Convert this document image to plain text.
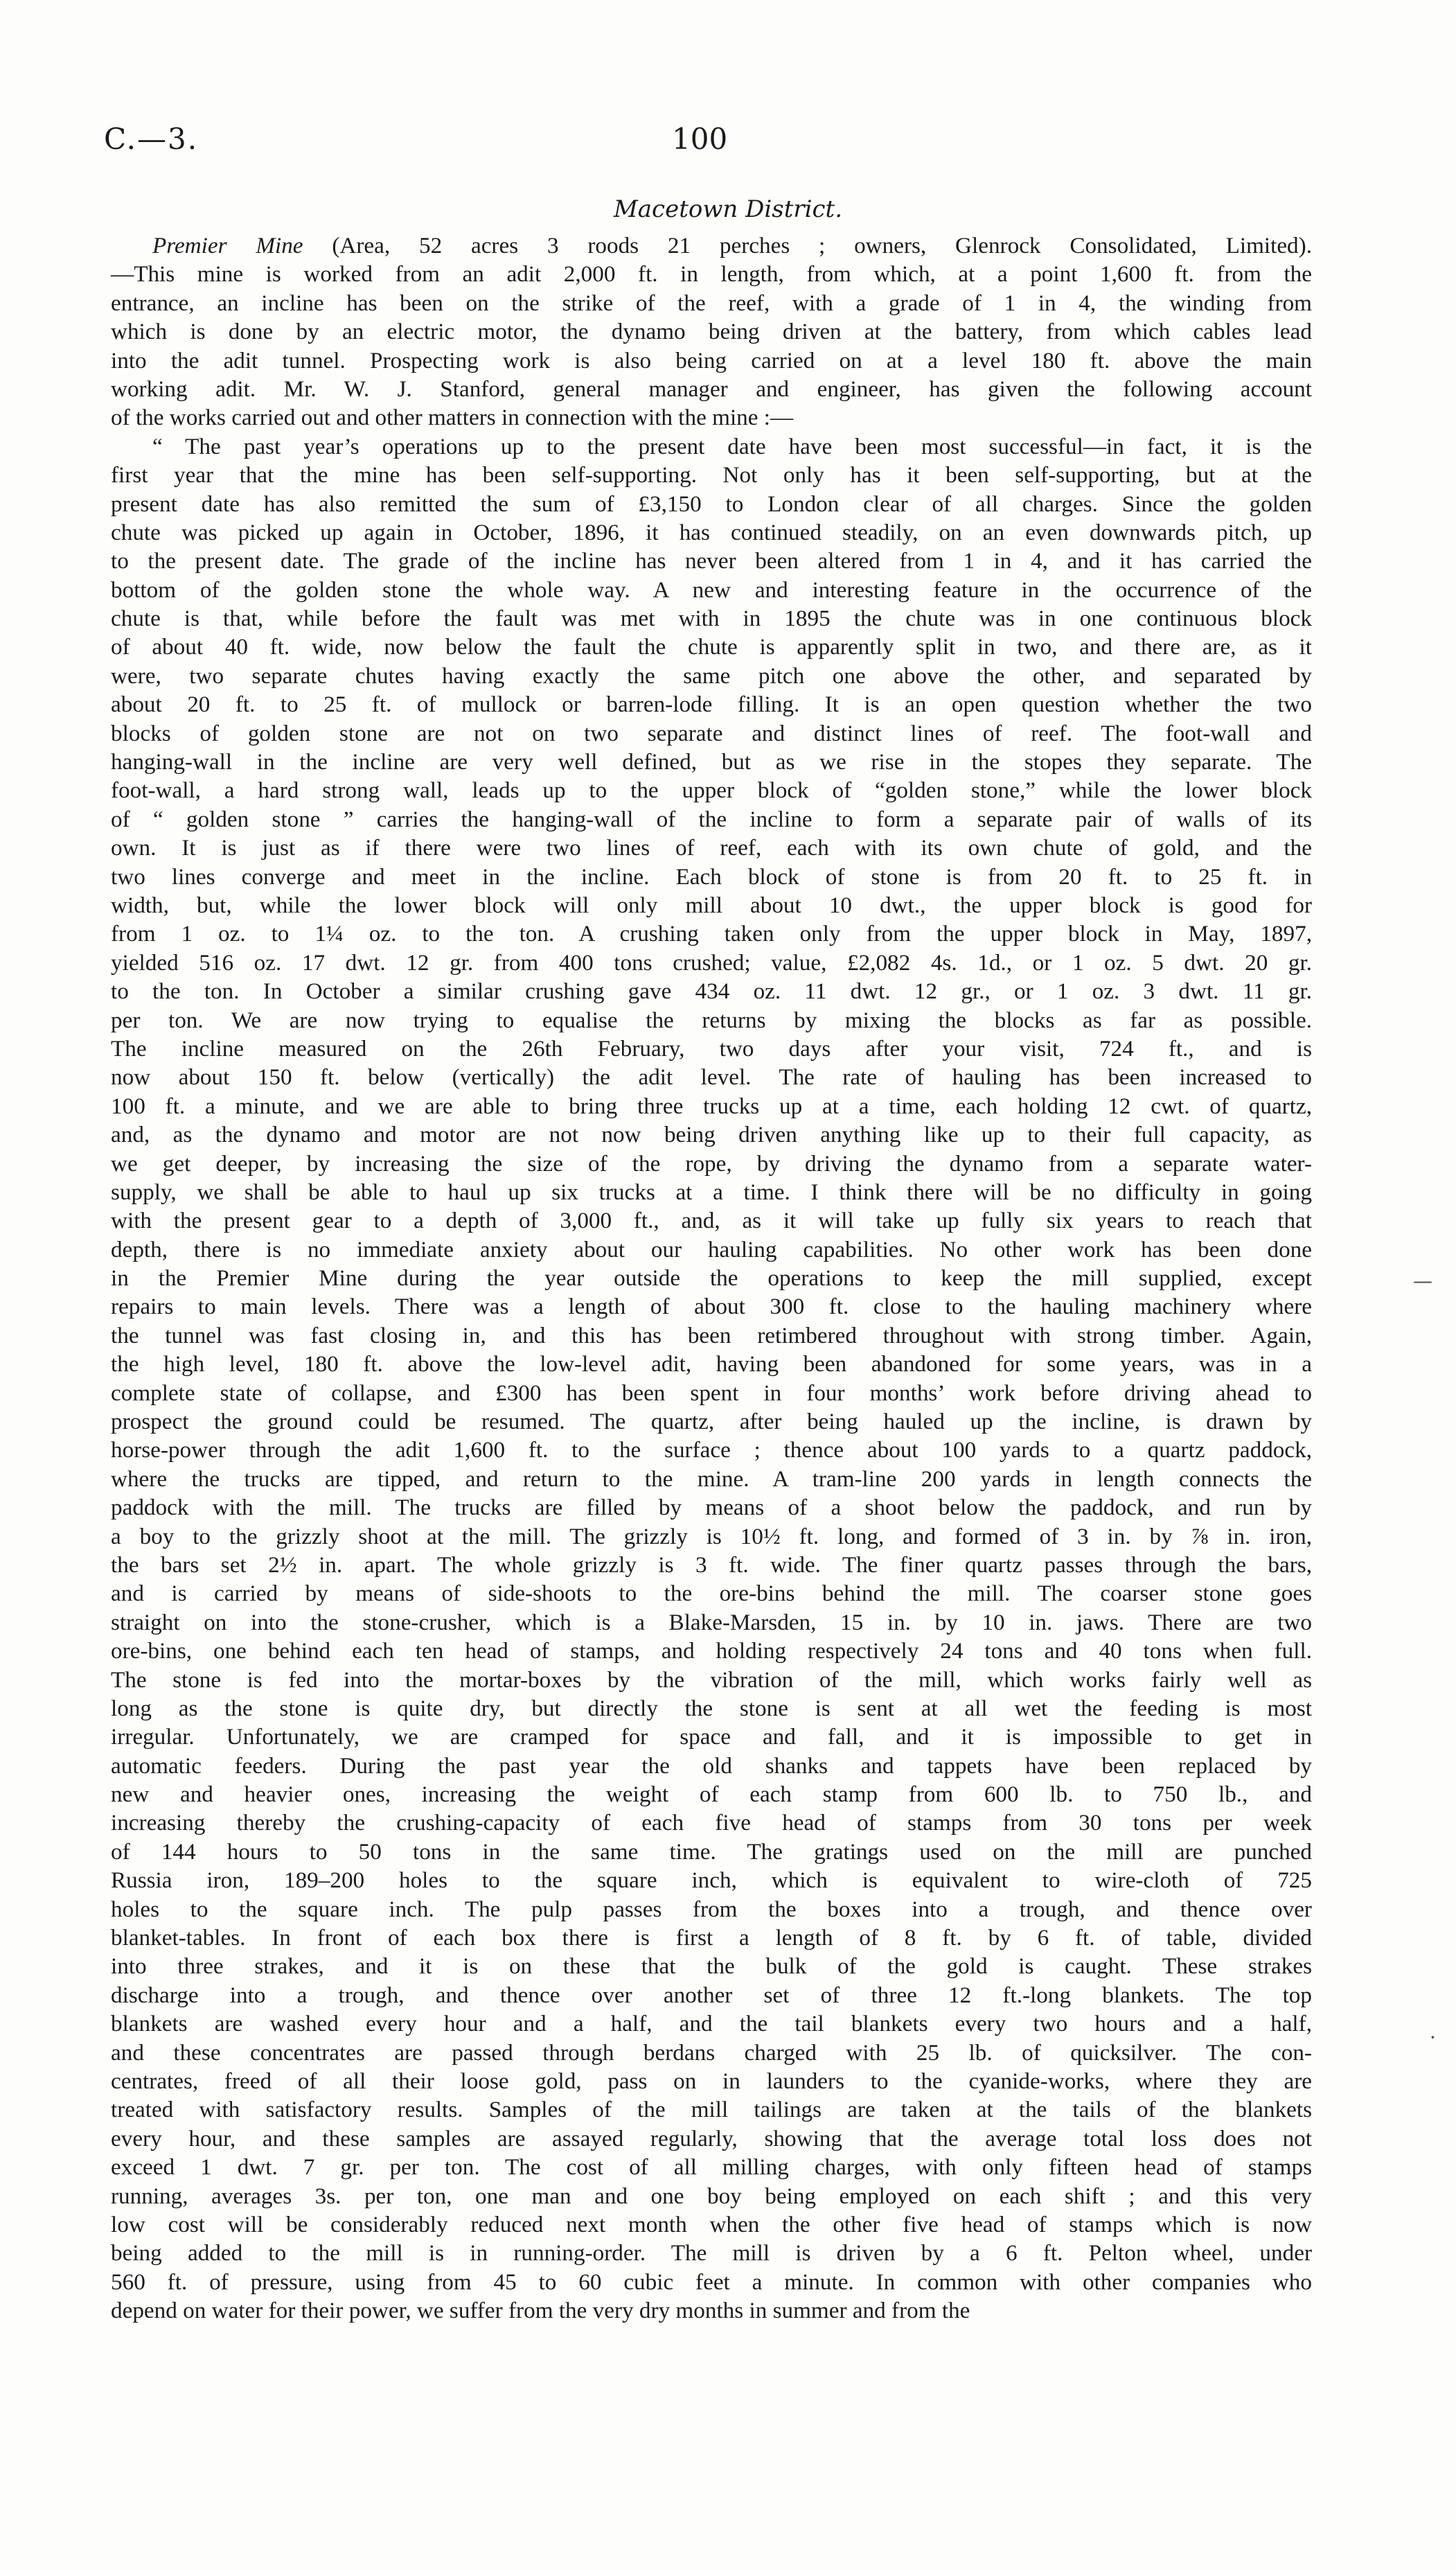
C.—3.	100
Macetown District.
Premier Mine (Area, 52 acres 3 roods 21 perches ; owners, Glenrock Consolidated, Limited).
—This mine is worked from an adit 2,000 ft. in length, from which, at a point 1,600 ft. from the
entrance, an incline has been on the strike of the reef, with a grade of 1 in 4, the winding from
which is done by an electric motor, the dynamo being driven at the battery, from which cables lead
into the adit tunnel. Prospecting work is also being carried on at a level 180 ft. above the main
working adit. Mr. W. J. Stanford, general manager and engineer, has given the following account
of the works carried out and other matters in connection with the mine :—
“ The past year’s operations up to the present date have been most successful—in fact, it is the
first year that the mine has been self-supporting. Not only has it been self-supporting, but at the
present date has also remitted the sum of £3,150 to London clear of all charges. Since the golden
chute was picked up again in October, 1896, it has continued steadily, on an even downwards pitch, up
to the present date. The grade of the incline has never been altered from 1 in 4, and it has carried the
bottom of the golden stone the whole way. A new and interesting feature in the occurrence of the
chute is that, while before the fault was met with in 1895 the chute was in one continuous block
of about 40 ft. wide, now below the fault the chute is apparently split in two, and there are, as it
were, two separate chutes having exactly the same pitch one above the other, and separated by
about 20 ft. to 25 ft. of mullock or barren-lode filling. It is an open question whether the two
blocks of golden stone are not on two separate and distinct lines of reef. The foot-wall and
hanging-wall in the incline are very well defined, but as we rise in the stopes they separate. The
foot-wall, a hard strong wall, leads up to the upper block of “golden stone,” while the lower block
of “ golden stone ” carries the hanging-wall of the incline to form a separate pair of walls of its
own. It is just as if there were two lines of reef, each with its own chute of gold, and the
two lines converge and meet in the incline. Each block of stone is from 20 ft. to 25 ft. in
width, but, while the lower block will only mill about 10 dwt., the upper block is good for
from 1 oz. to 1¼ oz. to the ton. A crushing taken only from the upper block in May, 1897,
yielded 516 oz. 17 dwt. 12 gr. from 400 tons crushed; value, £2,082 4s. 1d., or 1 oz. 5 dwt. 20 gr.
to the ton. In October a similar crushing gave 434 oz. 11 dwt. 12 gr., or 1 oz. 3 dwt. 11 gr.
per ton. We are now trying to equalise the returns by mixing the blocks as far as possible.
The incline measured on the 26th February, two days after your visit, 724 ft., and is
now about 150 ft. below (vertically) the adit level. The rate of hauling has been increased to
100 ft. a minute, and we are able to bring three trucks up at a time, each holding 12 cwt. of quartz,
and, as the dynamo and motor are not now being driven anything like up to their full capacity, as
we get deeper, by increasing the size of the rope, by driving the dynamo from a separate water-
supply, we shall be able to haul up six trucks at a time. I think there will be no difficulty in going
with the present gear to a depth of 3,000 ft., and, as it will take up fully six years to reach that
depth, there is no immediate anxiety about our hauling capabilities. No other work has been done
in the Premier Mine during the year outside the operations to keep the mill supplied, except
repairs to main levels. There was a length of about 300 ft. close to the hauling machinery where
the tunnel was fast closing in, and this has been retimbered throughout with strong timber. Again,
the high level, 180 ft. above the low-level adit, having been abandoned for some years, was in a
complete state of collapse, and £300 has been spent in four months’ work before driving ahead to
prospect the ground could be resumed. The quartz, after being hauled up the incline, is drawn by
horse-power through the adit 1,600 ft. to the surface ; thence about 100 yards to a quartz paddock,
where the trucks are tipped, and return to the mine. A tram-line 200 yards in length connects the
paddock with the mill. The trucks are filled by means of a shoot below the paddock, and run by
a boy to the grizzly shoot at the mill. The grizzly is 10½ ft. long, and formed of 3 in. by ⅞ in. iron,
the bars set 2½ in. apart. The whole grizzly is 3 ft. wide. The finer quartz passes through the bars,
and is carried by means of side-shoots to the ore-bins behind the mill. The coarser stone goes
straight on into the stone-crusher, which is a Blake-Marsden, 15 in. by 10 in. jaws. There are two
ore-bins, one behind each ten head of stamps, and holding respectively 24 tons and 40 tons when full.
The stone is fed into the mortar-boxes by the vibration of the mill, which works fairly well as
long as the stone is quite dry, but directly the stone is sent at all wet the feeding is most
irregular. Unfortunately, we are cramped for space and fall, and it is impossible to get in
automatic feeders. During the past year the old shanks and tappets have been replaced by
new and heavier ones, increasing the weight of each stamp from 600 lb. to 750 lb., and
increasing thereby the crushing-capacity of each five head of stamps from 30 tons per week
of 144 hours to 50 tons in the same time. The gratings used on the mill are punched
Russia iron, 189–200 holes to the square inch, which is equivalent to wire-cloth of 725
holes to the square inch. The pulp passes from the boxes into a trough, and thence over
blanket-tables. In front of each box there is first a length of 8 ft. by 6 ft. of table, divided
into three strakes, and it is on these that the bulk of the gold is caught. These strakes
discharge into a trough, and thence over another set of three 12 ft.-long blankets. The top
blankets are washed every hour and a half, and the tail blankets every two hours and a half,
and these concentrates are passed through berdans charged with 25 lb. of quicksilver. The con-
centrates, freed of all their loose gold, pass on in launders to the cyanide-works, where they are
treated with satisfactory results. Samples of the mill tailings are taken at the tails of the blankets
every hour, and these samples are assayed regularly, showing that the average total loss does not
exceed 1 dwt. 7 gr. per ton. The cost of all milling charges, with only fifteen head of stamps
running, averages 3s. per ton, one man and one boy being employed on each shift ; and this very
low cost will be considerably reduced next month when the other five head of stamps which is now
being added to the mill is in running-order. The mill is driven by a 6 ft. Pelton wheel, under
560 ft. of pressure, using from 45 to 60 cubic feet a minute. In common with other companies who
depend on water for their power, we suffer from the very dry months in summer and from the
—
·
